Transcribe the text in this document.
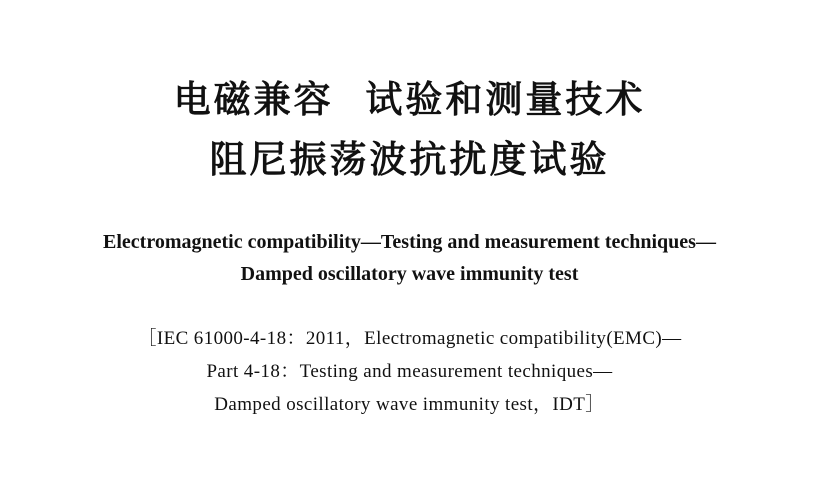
电磁兼容  试验和测量技术
阻尼振荡波抗扰度试验
Electromagnetic compatibility—Testing and measurement techniques—
Damped oscillatory wave immunity test
［IEC 61000-4-18：2011，Electromagnetic compatibility(EMC)—
Part 4-18：Testing and measurement techniques—
Damped oscillatory wave immunity test，IDT］
